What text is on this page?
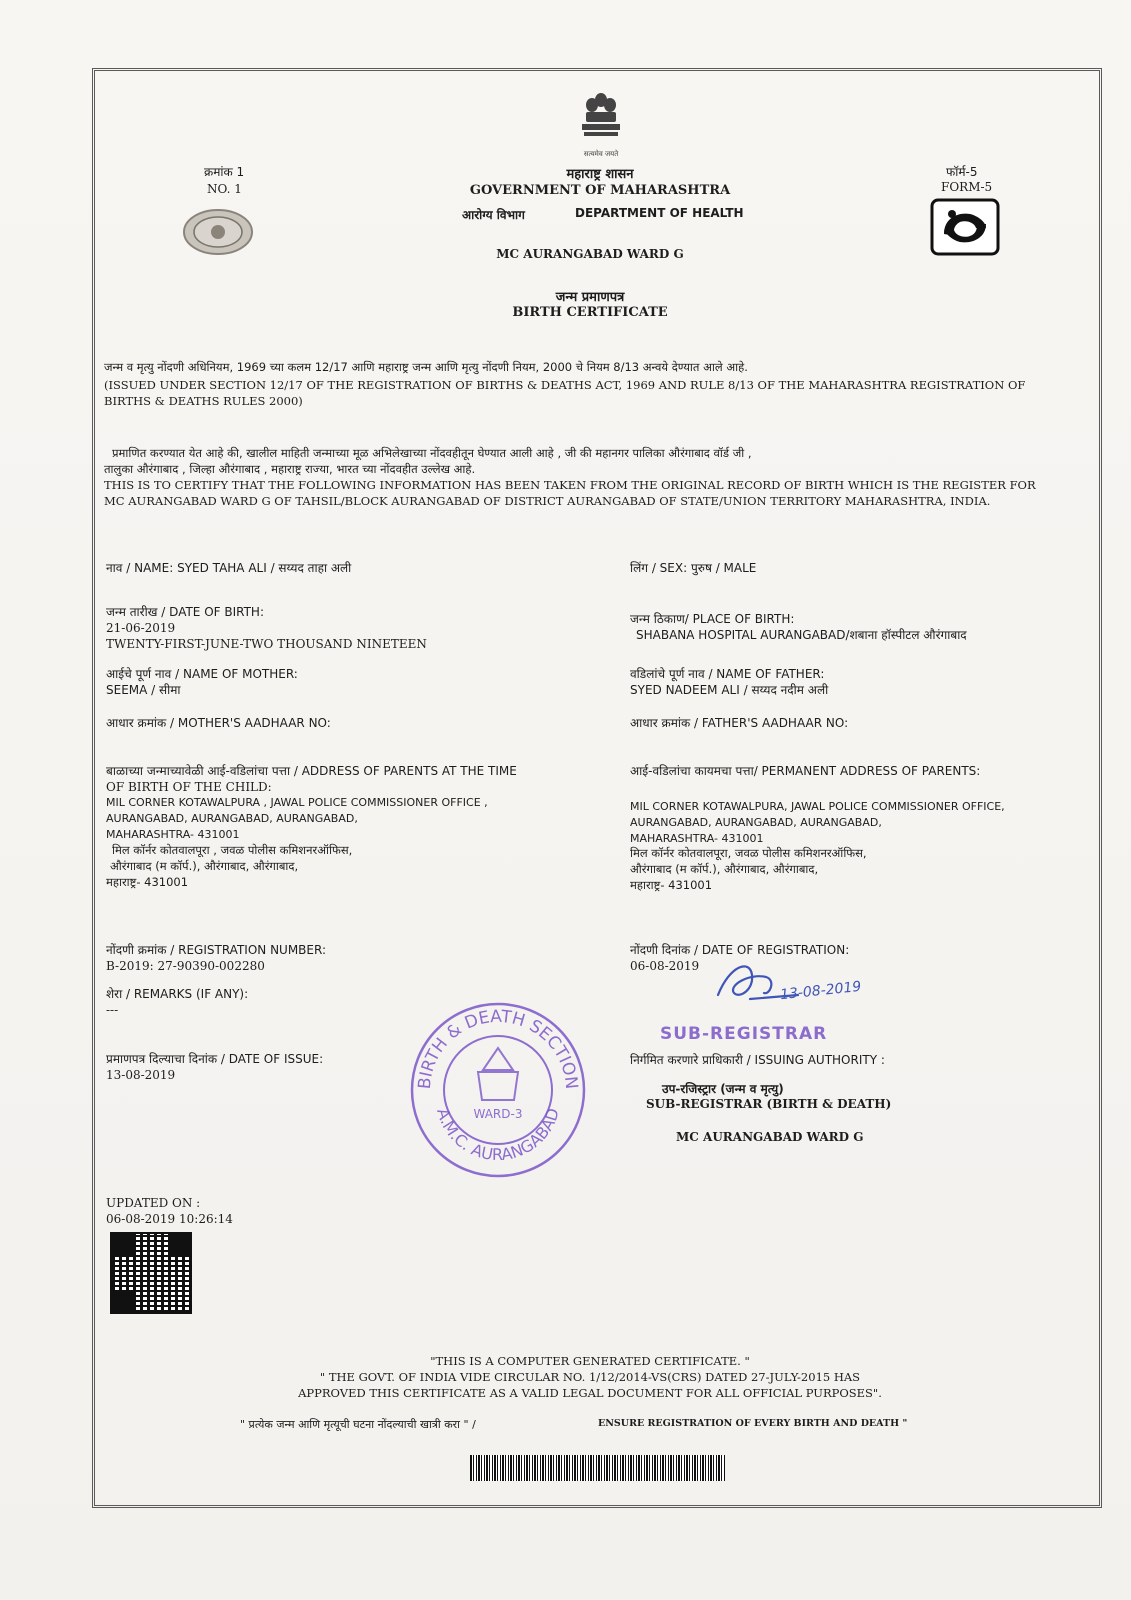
सत्यमेव जयते
क्रमांक 1
NO. 1
महाराष्ट्र शासन
GOVERNMENT OF MAHARASHTRA
आरोग्य विभाग	DEPARTMENT OF HEALTH
फॉर्म-5
FORM-5
MC AURANGABAD WARD G
जन्म प्रमाणपत्र
BIRTH CERTIFICATE
जन्म व मृत्यु नोंदणी अधिनियम, 1969 च्या कलम 12/17 आणि महाराष्ट्र जन्म आणि मृत्यु नोंदणी नियम, 2000 चे नियम 8/13 अन्वये देण्यात आले आहे.
(ISSUED UNDER SECTION 12/17 OF THE REGISTRATION OF BIRTHS & DEATHS ACT, 1969 AND RULE 8/13 OF THE MAHARASHTRA REGISTRATION OF
BIRTHS & DEATHS RULES 2000)
प्रमाणित करण्यात येत आहे की, खालील माहिती जन्माच्या मूळ अभिलेखाच्या नोंदवहीतून घेण्यात आली आहे , जी की महानगर पालिका औरंगाबाद वॉर्ड जी ,
तालुका औरंगाबाद , जिल्हा औरंगाबाद , महाराष्ट्र राज्या, भारत च्या नोंदवहीत उल्लेख आहे.
THIS IS TO CERTIFY THAT THE FOLLOWING INFORMATION HAS BEEN TAKEN FROM THE ORIGINAL RECORD OF BIRTH WHICH IS THE REGISTER FOR
MC AURANGABAD WARD G OF TAHSIL/BLOCK AURANGABAD OF DISTRICT AURANGABAD OF STATE/UNION TERRITORY MAHARASHTRA, INDIA.
नाव / NAME: SYED TAHA ALI / सय्यद ताहा अली	लिंग / SEX: पुरुष / MALE
जन्म तारीख / DATE OF BIRTH:
21-06-2019
TWENTY-FIRST-JUNE-TWO THOUSAND NINETEEN
जन्म ठिकाण/ PLACE OF BIRTH:
SHABANA HOSPITAL AURANGABAD/शबाना हॉस्पीटल औरंगाबाद
आईचे पूर्ण नाव / NAME OF MOTHER:
SEEMA / सीमा
वडिलांचे पूर्ण नाव / NAME OF FATHER:
SYED NADEEM ALI / सय्यद नदीम अली
आधार क्रमांक / MOTHER'S AADHAAR NO:	आधार क्रमांक / FATHER'S AADHAAR NO:
बाळाच्या जन्माच्यावेळी आई-वडिलांचा पत्ता / ADDRESS OF PARENTS AT THE TIME
OF BIRTH OF THE CHILD:
MIL CORNER KOTAWALPURA , JAWAL POLICE COMMISSIONER OFFICE ,
AURANGABAD, AURANGABAD, AURANGABAD,
MAHARASHTRA- 431001
मिल कॉर्नर कोतवालपूरा , जवळ पोलीस कमिशनरऑफिस,
औरंगाबाद (म कॉर्प.), औरंगाबाद, औरंगाबाद,
महाराष्ट्र- 431001
आई-वडिलांचा कायमचा पत्ता/ PERMANENT ADDRESS OF PARENTS:
MIL CORNER KOTAWALPURA, JAWAL POLICE COMMISSIONER OFFICE,
AURANGABAD, AURANGABAD, AURANGABAD,
MAHARASHTRA- 431001
मिल कॉर्नर कोतवालपूरा, जवळ पोलीस कमिशनरऑफिस,
औरंगाबाद (म कॉर्प.), औरंगाबाद, औरंगाबाद,
महाराष्ट्र- 431001
नोंदणी क्रमांक / REGISTRATION NUMBER:
B-2019: 27-90390-002280
नोंदणी दिनांक / DATE OF REGISTRATION:
06-08-2019
शेरा / REMARKS (IF ANY):
---
प्रमाणपत्र दिल्याचा दिनांक / DATE OF ISSUE:
13-08-2019
13-08-2019
SUB-REGISTRAR
निर्गमित करणारे प्राधिकारी / ISSUING AUTHORITY :
उप-रजिस्ट्रार (जन्म व मृत्यु)
SUB-REGISTRAR (BIRTH & DEATH)
MC AURANGABAD WARD G
BIRTH & DEATH SECTION
A.M.C. AURANGABAD
WARD-3
UPDATED ON :
06-08-2019 10:26:14
"THIS IS A COMPUTER GENERATED CERTIFICATE. "
" THE GOVT. OF INDIA VIDE CIRCULAR NO. 1/12/2014-VS(CRS) DATED 27-JULY-2015 HAS
APPROVED THIS CERTIFICATE AS A VALID LEGAL DOCUMENT FOR ALL OFFICIAL PURPOSES".
" प्रत्येक जन्म आणि मृत्यूची घटना नोंदल्याची खात्री करा " /	ENSURE REGISTRATION OF EVERY BIRTH AND DEATH "
